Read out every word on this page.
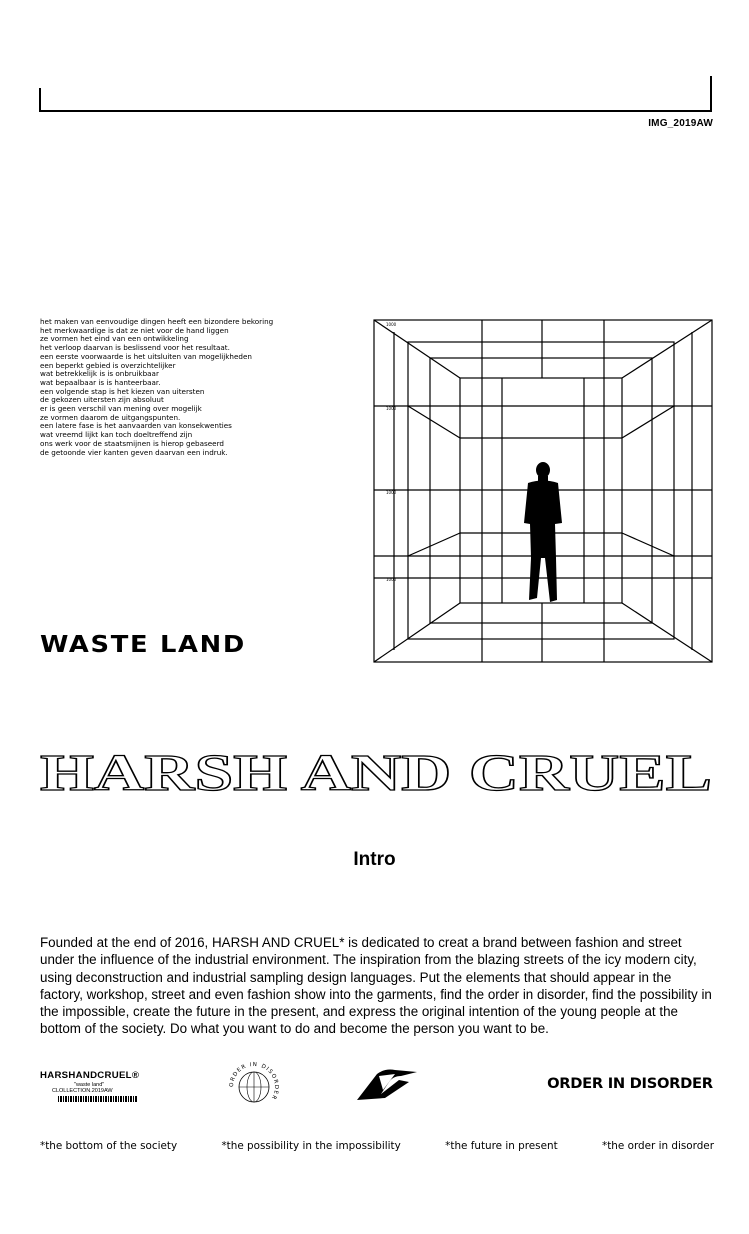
IMG_2019AW
het maken van eenvoudige dingen heeft een bizondere bekoring
het merkwaardige is dat ze niet voor de hand liggen
ze vormen het eind van een ontwikkeling
het verloop daarvan is beslissend voor het resultaat.
een eerste voorwaarde is het uitsluiten van mogelijkheden
een beperkt gebied is overzichtelijker
wat betrekkelijk is is onbruikbaar
wat bepaalbaar is is hanteerbaar.
een volgende stap is het kiezen van uitersten
de gekozen uitersten zijn absoluut
er is geen verschil van mening over mogelijk
ze vormen daarom de uitgangspunten.
een latere fase is het aanvaarden van konsekwenties
wat vreemd lijkt kan toch doeltreffend zijn
ons werk voor de staatsmijnen is hierop gebaseerd
de getoonde vier kanten geven daarvan een indruk.
WASTE LAND
1000
1000
1000
1000
HARSH AND CRUEL
Intro
Founded at the end of 2016, HARSH AND CRUEL* is dedicated to creat a brand between fashion and street under the influence of the industrial environment. The inspiration from the blazing streets of the icy modern city, using deconstruction and industrial sampling design languages. Put the elements that should appear in the factory, workshop, street and even fashion show into the garments, find the order in disorder, find the possibility in the impossible, create the future in the present, and express the original intention of the young people at the bottom of the society. Do what you want to do and become the person you want to be.
HARSHANDCRUEL®
"waste land"
CLOLLECTION.2019AW
ORDER IN DISORDER
ORDER IN DISORDER
*the bottom of the society	*the possibility in the impossibility	*the future in present	*the order in disorder
